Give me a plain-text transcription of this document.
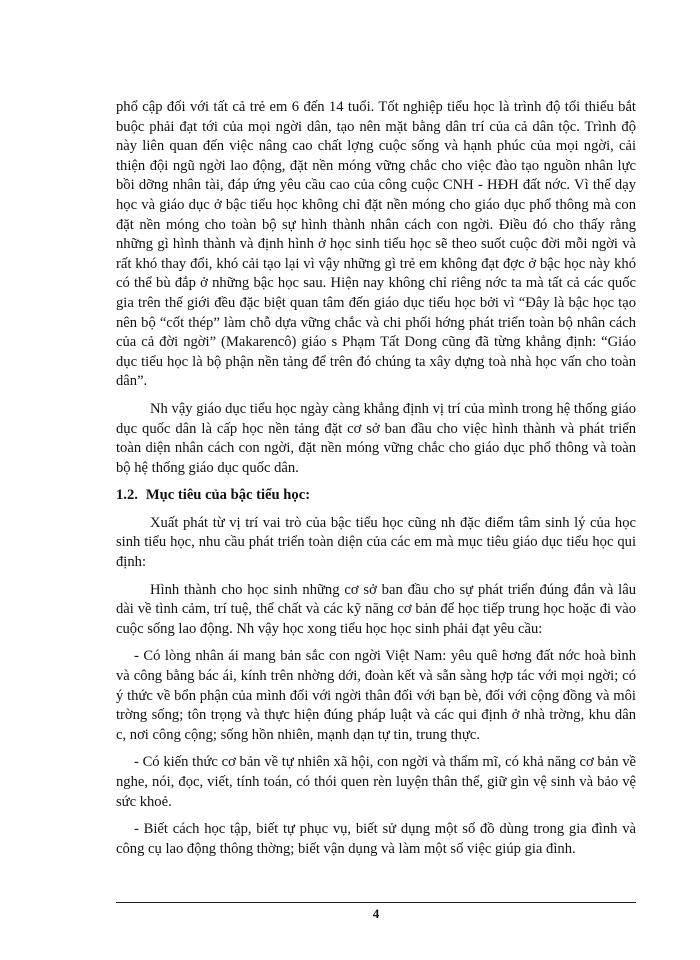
phổ cập đối với tất cả trẻ em 6 đến 14 tuổi. Tốt nghiệp tiểu học là trình độ tối thiểu bắt buộc phải đạt tới của mọi ngời dân, tạo nên mặt bằng dân trí của cả dân tộc. Trình độ này liên quan đến việc nâng cao chất lợng cuộc sống và hạnh phúc của mọi ngời, cải thiện đội ngũ ngời lao động, đặt nền móng vững chắc cho việc đào tạo nguồn nhân lực bồi dỡng nhân tài, đáp ứng yêu cầu cao của công cuộc CNH - HĐH đất nớc. Vì thế dạy học và giáo dục ở bậc tiểu học không chỉ đặt nền móng cho giáo dục phổ thông mà con đặt nền móng cho toàn bộ sự hình thành nhân cách con ngời. Điều đó cho thấy rằng những gì hình thành và định hình ở học sinh tiểu học sẽ theo suốt cuộc đời mỗi ngời và rất khó thay đổi, khó cải tạo lại vì vậy những gì trẻ em không đạt đợc ở bậc học này khó có thể bù đắp ở những bậc học sau. Hiện nay không chỉ riêng nớc ta mà tất cả các quốc gia trên thế giới đều đặc biệt quan tâm đến giáo dục tiểu học bởi vì “Đây là bậc học tạo nên bộ “cốt thép” làm chỗ dựa vững chắc và chi phối hớng phát triển toàn bộ nhân cách của cả đời ngời” (Makarencô) giáo s Phạm Tất Dong cũng đã từng khẳng định: “Giáo dục tiểu học là bộ phận nền tảng để trên đó chúng ta xây dựng toà nhà học vấn cho toàn dân”.

Nh vậy giáo dục tiểu học ngày càng khẳng định vị trí của mình trong hệ thống giáo dục quốc dân là cấp học nền tảng đặt cơ sở ban đầu cho việc hình thành và phát triển toàn diện nhân cách con ngời, đặt nền móng vững chắc cho giáo dục phổ thông và toàn bộ hệ thống giáo dục quốc dân.

1.2. Mục tiêu của bậc tiểu học:

Xuất phát từ vị trí vai trò của bậc tiểu học cũng nh đặc điểm tâm sinh lý của học sinh tiểu học, nhu cầu phát triển toàn diện của các em mà mục tiêu giáo dục tiểu học qui định:

Hình thành cho học sinh những cơ sở ban đầu cho sự phát triển đúng đắn và lâu dài về tình cảm, trí tuệ, thể chất và các kỹ năng cơ bản để học tiếp trung học hoặc đi vào cuộc sống lao động. Nh vậy học xong tiểu học học sinh phải đạt yêu cầu:

- Có lòng nhân ái mang bản sắc con ngời Việt Nam: yêu quê hơng đất nớc hoà bình và công bằng bác ái, kính trên nhờng dới, đoàn kết và sẵn sàng hợp tác với mọi ngời; có ý thức về bổn phận của mình đối với ngời thân đối với bạn bè, đối với cộng đồng và môi trờng sống; tôn trọng và thực hiện đúng pháp luật và các qui định ở nhà trờng, khu dân c, nơi công cộng; sống hồn nhiên, mạnh dạn tự tin, trung thực.

- Có kiến thức cơ bản về tự nhiên xã hội, con ngời và thẩm mĩ, có khả năng cơ bản về nghe, nói, đọc, viết, tính toán, có thói quen rèn luyện thân thể, giữ gìn vệ sinh và bảo vệ sức khoẻ.

- Biết cách học tập, biết tự phục vụ, biết sử dụng một số đồ dùng trong gia đình và công cụ lao động thông thờng; biết vận dụng và làm một số việc giúp gia đình.

4
